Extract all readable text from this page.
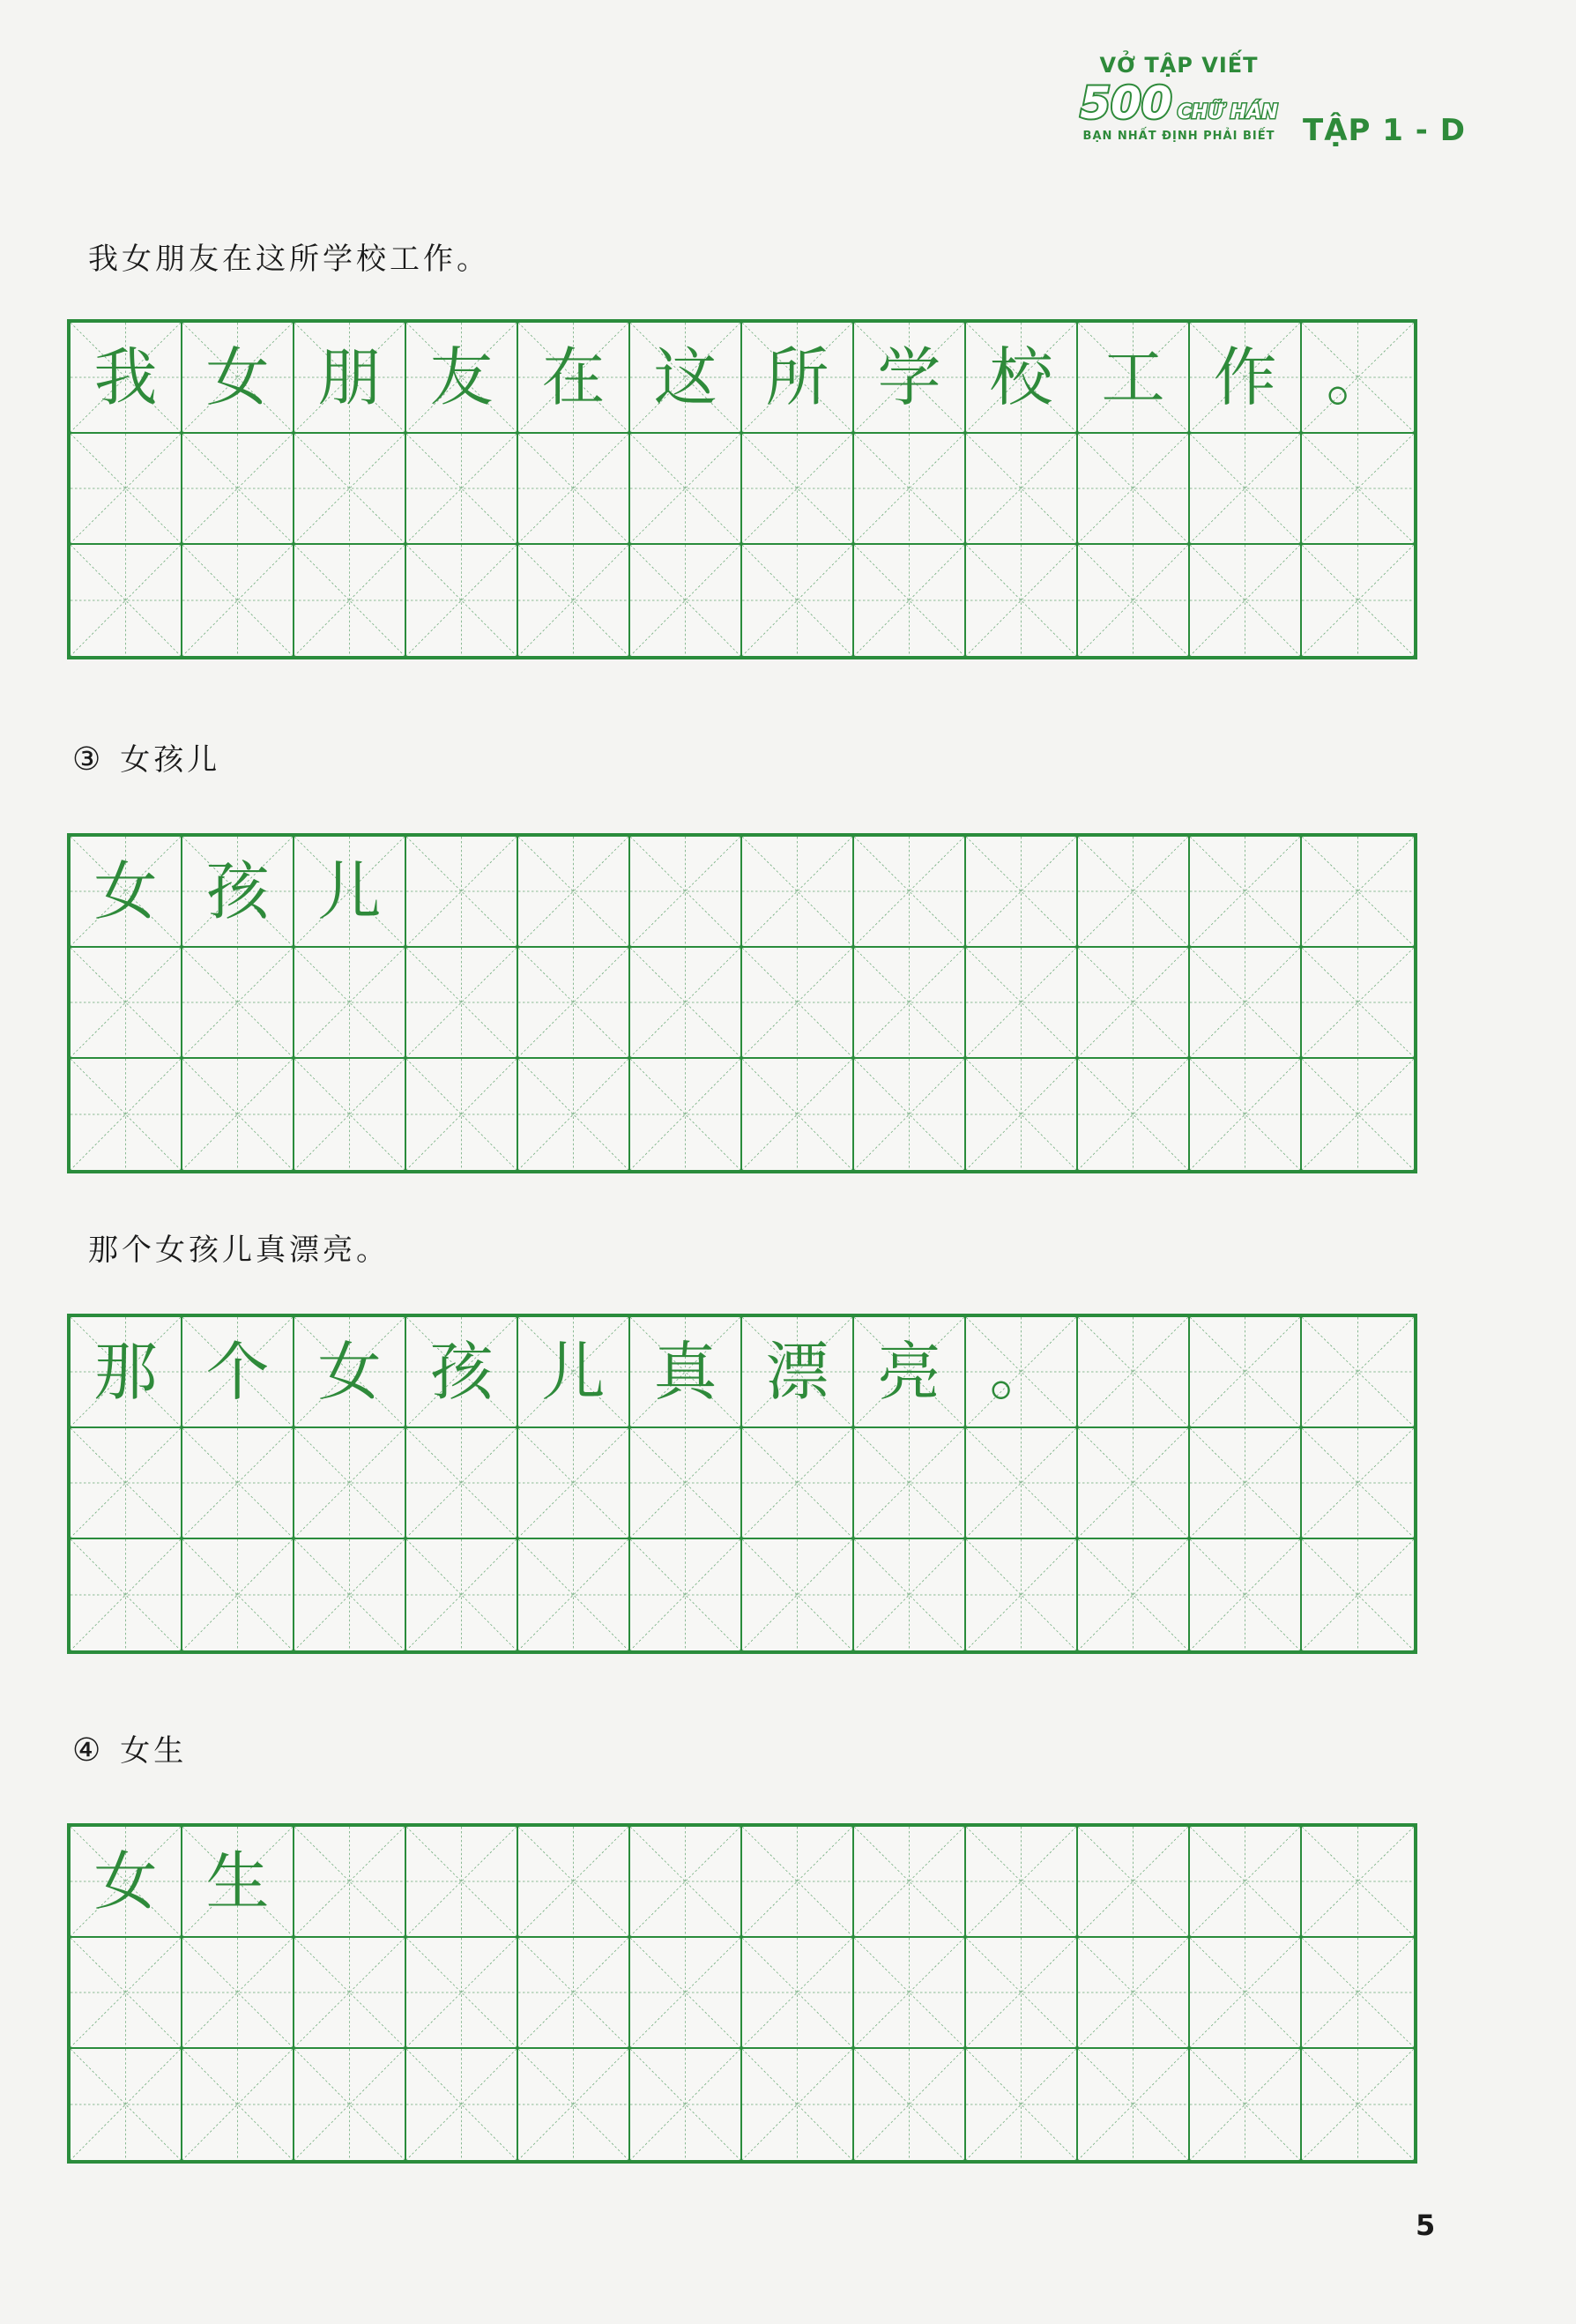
VỞ TẬP VIẾT
500 CHỮ HÁN
BẠN NHẤT ĐỊNH PHẢI BIẾT TẬP 1 - D
我女朋友在这所学校工作。
我 女 朋 友 在 这 所 学 校 工 作 。
③ 女孩儿
女 孩 儿
那个女孩儿真漂亮。
那 个 女 孩 儿 真 漂 亮 。
④ 女生
女 生
5
